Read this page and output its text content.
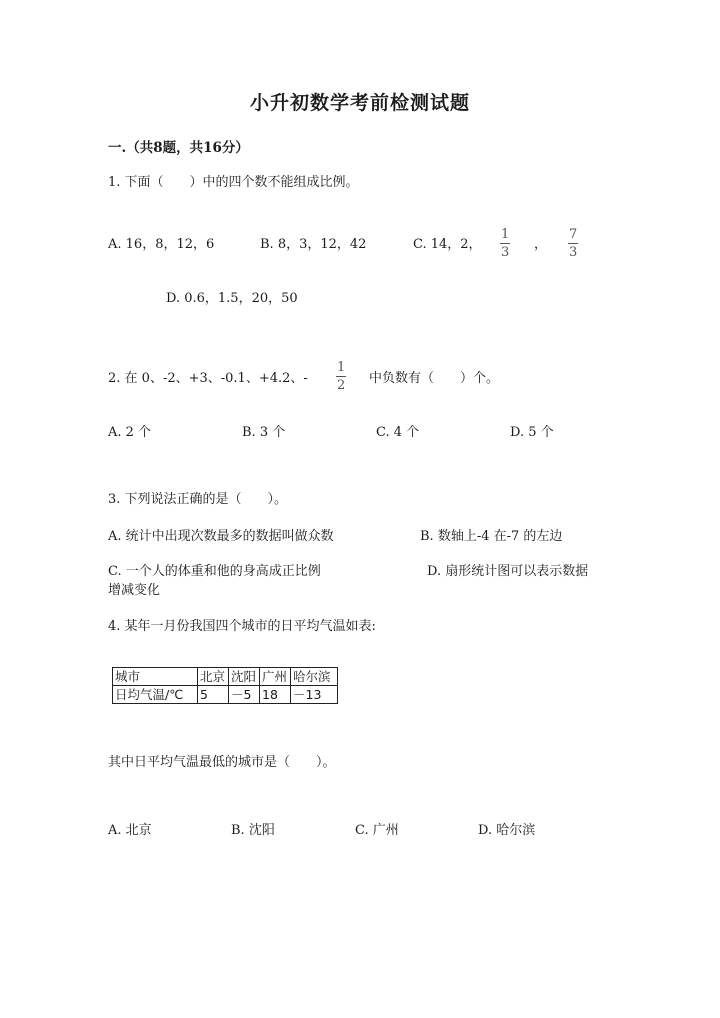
小升初数学考前检测试题
一.（共8题，共16分）
1. 下面（　　）中的四个数不能组成比例。
A. 16，8，12，6	B. 8，3，12，42	C. 14，2，
1
3
，
7
3
D. 0.6，1.5，20，50
2. 在 0、-2、+3、-0.1、+4.2、-
1
2 中负数有（　　）个。
A. 2 个	B. 3 个	C. 4 个	D. 5 个
3. 下列说法正确的是（　　）。
A. 统计中出现次数最多的数据叫做众数	B. 数轴上-4 在-7 的左边
C. 一个人的体重和他的身高成正比例	D. 扇形统计图可以表示数据
增减变化
4. 某年一月份我国四个城市的日平均气温如表:
城市	北京	沈阳	广州	哈尔滨
日均气温/℃	5	－5	18	－13
其中日平均气温最低的城市是（　　）。
A. 北京	B. 沈阳	C. 广州	D. 哈尔滨
